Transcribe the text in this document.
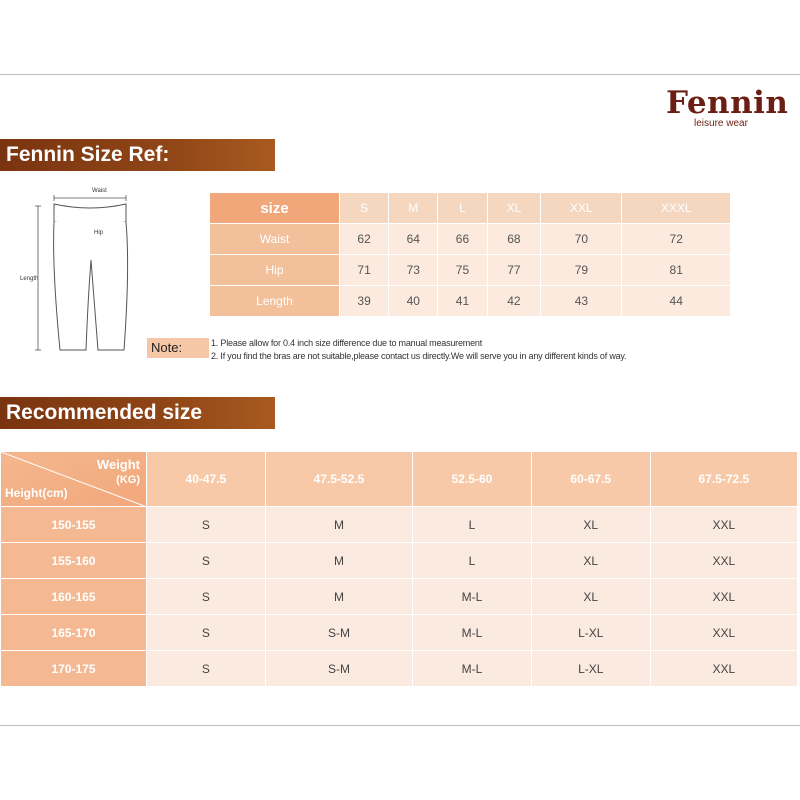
Fennin
leisure wear
Fennin Size Ref:
Waist
Hip
Length
size	S	M	L	XL	XXL	XXXL
Waist	62	64	66	68	70	72
Hip	71	73	75	77	79	81
Length	39	40	41	42	43	44
Note:	1. Please allow for 0.4 inch size difference due to manual measurement
2. If you find the bras are not suitable,please contact us directly.We will serve you in any different kinds of way.
Recommended size
Weight
(KG)
Height(cm)	40-47.5	47.5-52.5	52.5-60	60-67.5	67.5-72.5
150-155	S	M	L	XL	XXL
155-160	S	M	L	XL	XXL
160-165	S	M	M-L	XL	XXL
165-170	S	S-M	M-L	L-XL	XXL
170-175	S	S-M	M-L	L-XL	XXL
